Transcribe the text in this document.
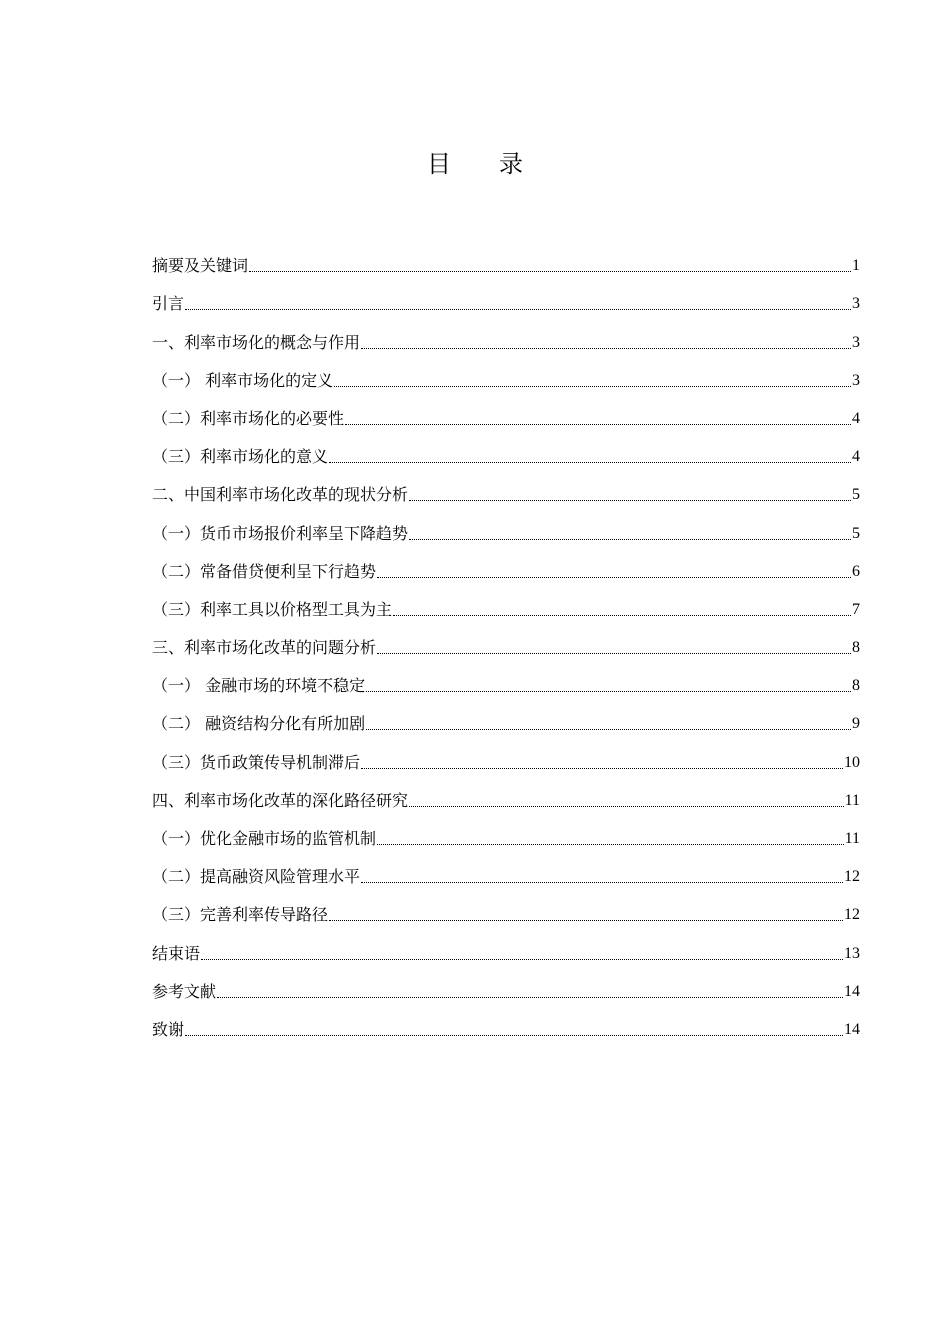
目 录
摘要及关键词	1
引言	3
一、利率市场化的概念与作用	3
（一） 利率市场化的定义	3
（二）利率市场化的必要性	4
（三）利率市场化的意义	4
二、中国利率市场化改革的现状分析	5
（一）货币市场报价利率呈下降趋势	5
（二）常备借贷便利呈下行趋势	6
（三）利率工具以价格型工具为主	7
三、利率市场化改革的问题分析	8
（一） 金融市场的环境不稳定	8
（二） 融资结构分化有所加剧	9
（三）货币政策传导机制滞后	10
四、利率市场化改革的深化路径研究	11
（一）优化金融市场的监管机制	11
（二）提高融资风险管理水平	12
（三）完善利率传导路径	12
结束语	13
参考文献	14
致谢	14
